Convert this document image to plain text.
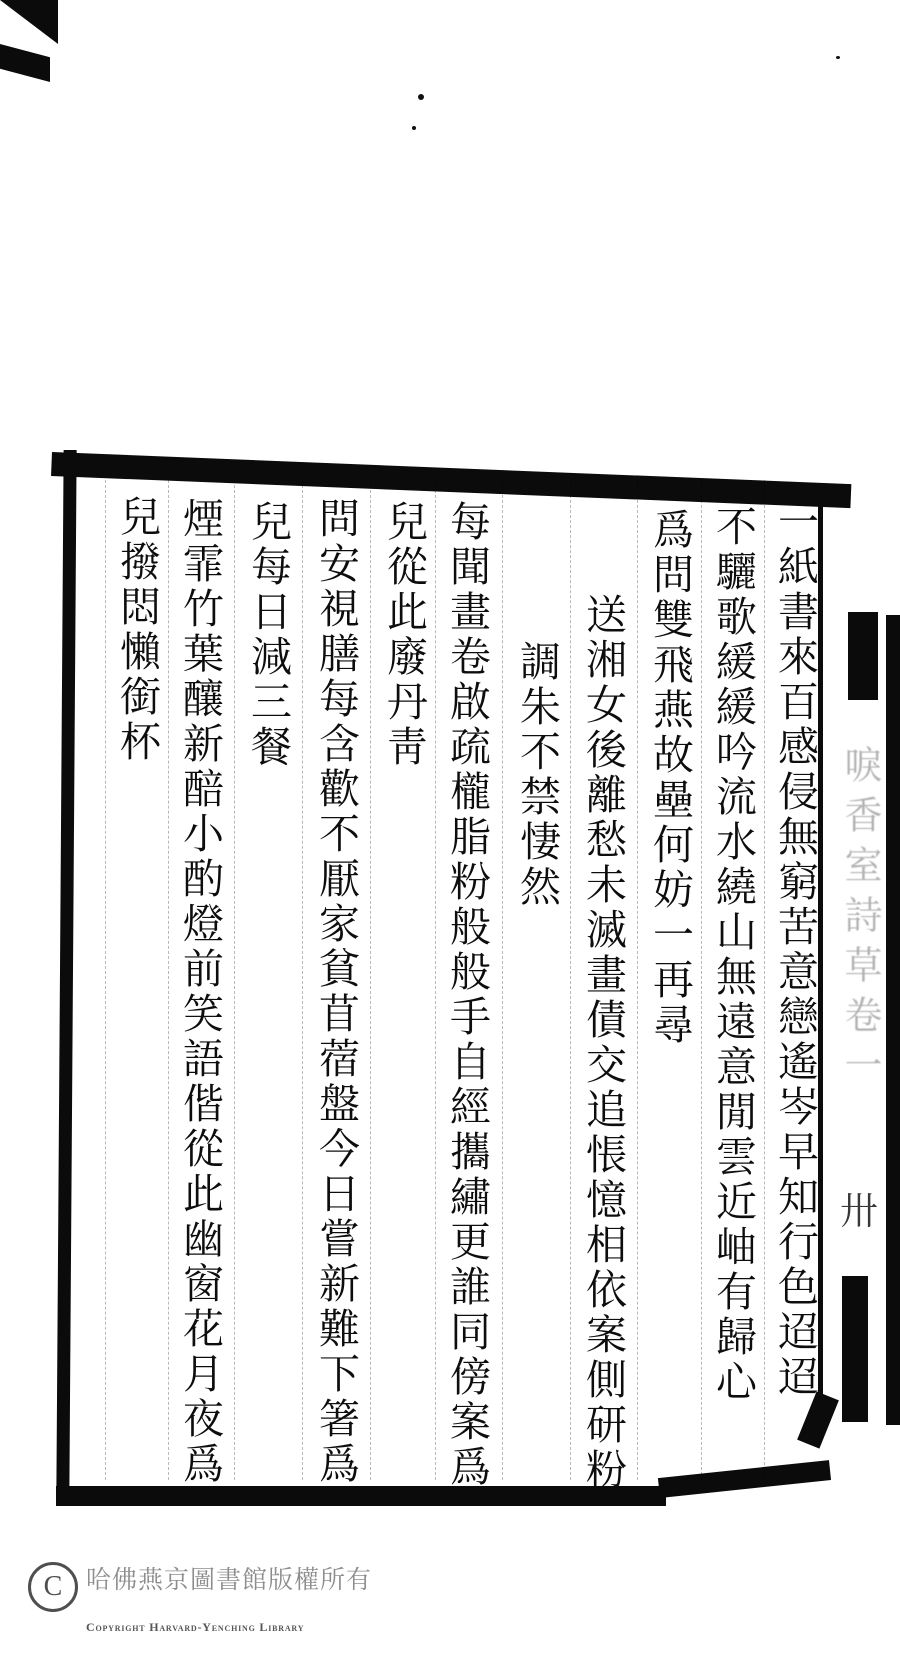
唳香室詩草卷一
卅
一紙書來百感侵無窮苦意戀遙岑早知行色迢迢
不驪歌緩緩吟流水繞山無遠意閒雲近岫有歸心
爲問雙飛燕故壘何妨一再尋
送湘女後離愁未滅畫債交追悵憶相依案側研粉
調朱不禁悽然
每聞畫卷啟疏櫳脂粉般般手自經攜繡更誰同傍案爲
兒從此廢丹靑
問安視膳每含歡不厭家貧苜蓿盤今日嘗新難下箸爲
兒每日減三餐
煙霏竹葉釀新醅小酌燈前笑語偕從此幽窗花月夜爲
兒撥悶懶銜杯
C 哈佛燕京圖書館版權所有
Copyright Harvard-Yenching Library
